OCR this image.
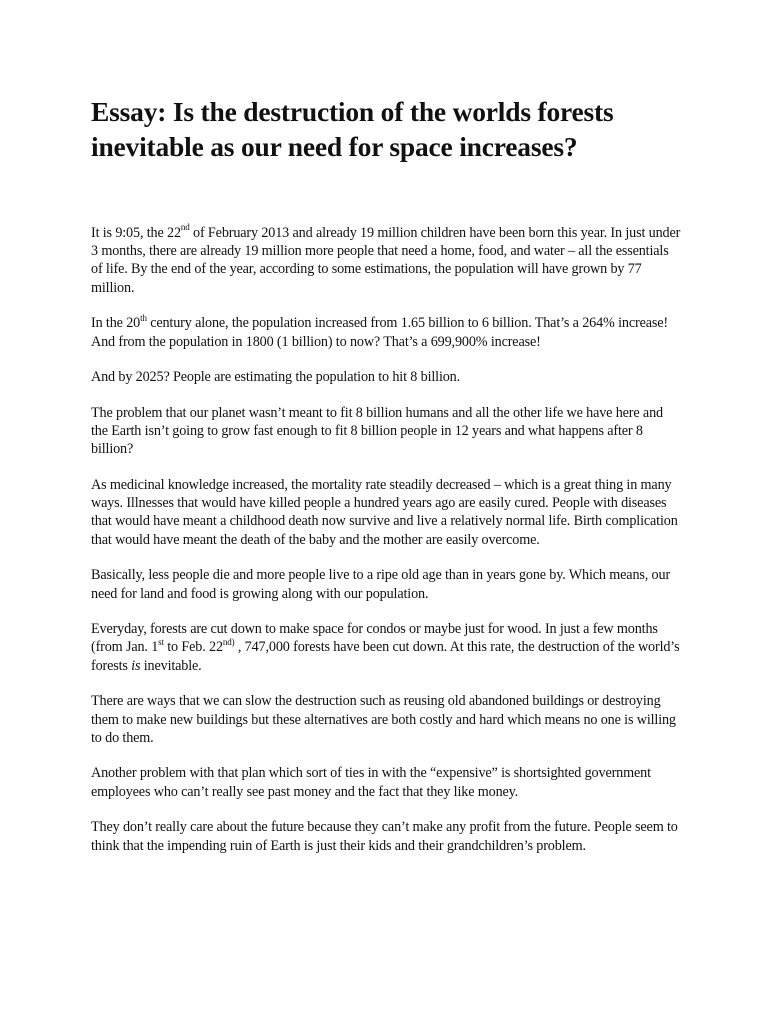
Essay: Is the destruction of the worlds forests inevitable as our need for space increases?

It is 9:05, the 22nd of February 2013 and already 19 million children have been born this year. In just under 3 months, there are already 19 million more people that need a home, food, and water – all the essentials of life. By the end of the year, according to some estimations, the population will have grown by 77 million.

In the 20th century alone, the population increased from 1.65 billion to 6 billion. That’s a 264% increase! And from the population in 1800 (1 billion) to now? That’s a 699,900% increase!

And by 2025? People are estimating the population to hit 8 billion.

The problem that our planet wasn’t meant to fit 8 billion humans and all the other life we have here and the Earth isn’t going to grow fast enough to fit 8 billion people in 12 years and what happens after 8 billion?

As medicinal knowledge increased, the mortality rate steadily decreased – which is a great thing in many ways. Illnesses that would have killed people a hundred years ago are easily cured. People with diseases that would have meant a childhood death now survive and live a relatively normal life. Birth complication that would have meant the death of the baby and the mother are easily overcome.

Basically, less people die and more people live to a ripe old age than in years gone by. Which means, our need for land and food is growing along with our population.

Everyday, forests are cut down to make space for condos or maybe just for wood. In just a few months (from Jan. 1st to Feb. $22^{nd)}$ , 747,000 forests have been cut down. At this rate, the destruction of the world’s forests is inevitable.

There are ways that we can slow the destruction such as reusing old abandoned buildings or destroying them to make new buildings but these alternatives are both costly and hard which means no one is willing to do them.

Another problem with that plan which sort of ties in with the “expensive” is shortsighted government employees who can’t really see past money and the fact that they like money.

They don’t really care about the future because they can’t make any profit from the future. People seem to think that the impending ruin of Earth is just their kids and their grandchildren’s problem.
